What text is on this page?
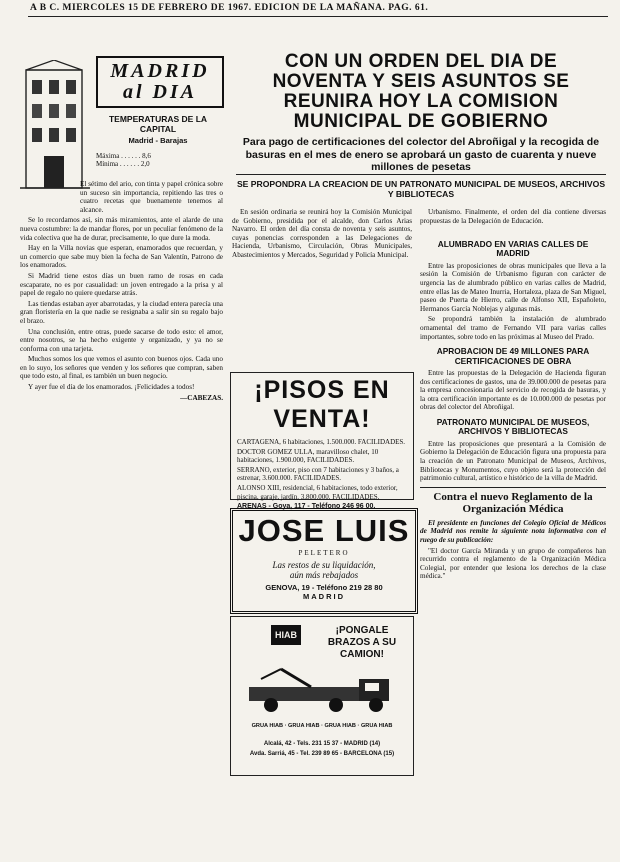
A B C. MIERCOLES 15 DE FEBRERO DE 1967. EDICION DE LA MAÑANA. PAG. 61.
MADRID
al DIA
TEMPERATURAS DE LA CAPITAL
Madrid - Barajas
Máxima . . . . . . 8,6
Mínima . . . . . . 2,0

El sétimo del ario, con tinta y papel crónica sobre un suceso sin importancia, repitiendo las tres o cuatro recetas que buenamente tenemos al alcance.

Se lo recordamos así, sin más miramientos, ante el alarde de una nueva costumbre: la de mandar flores, por un peculiar fenómeno de la vida colectiva que ha de durar, precisamente, lo que dure la moda.

Hay en la Villa novias que esperan, enamorados que recuerdan, y un comercio que sabe muy bien la fecha de San Valentín, Patrono de los enamorados.

Si Madrid tiene estos días un buen ramo de rosas en cada escaparate, no es por casualidad: un joven entregado a la prisa y al papel de regalo no quiere quedarse atrás.

Las tiendas estaban ayer abarrotadas, y la ciudad entera parecía una gran floristería en la que nadie se resignaba a salir sin su regalo bajo el brazo.

Una conclusión, entre otras, puede sacarse de todo esto: el amor, entre nosotros, se ha hecho exigente y organizado, y ya no se conforma con una tarjeta.

Muchos somos los que vemos el asunto con buenos ojos. Cada uno en lo suyo, los señores que venden y los señores que compran, saben que todo esto, al final, es también un buen negocio.

Y ayer fue el día de los enamorados. ¡Felicidades a todos!

—CABEZAS.

CON UN ORDEN DEL DIA DE NOVENTA Y SEIS ASUNTOS SE REUNIRA HOY LA COMISION MUNICIPAL DE GOBIERNO
Para pago de certificaciones del colector del Abroñigal y la recogida de basuras en el mes de enero se aprobará un gasto de cuarenta y nueve millones de pesetas
SE PROPONDRA LA CREACION DE UN PATRONATO MUNICIPAL DE MUSEOS, ARCHIVOS Y BIBLIOTECAS

En sesión ordinaria se reunirá hoy la Comisión Municipal de Gobierno, presidida por el alcalde, don Carlos Arias Navarro. El orden del día consta de noventa y seis asuntos, cuyas ponencias corresponden a las Delegaciones de Hacienda, Urbanismo, Circulación, Obras Municipales, Abastecimientos y Mercados, Seguridad y Policía Municipal.

Urbanismo. Finalmente, el orden del día contiene diversas propuestas de la Delegación de Educación.

¡PISOS EN VENTA!
CARTAGENA, 6 habitaciones, 1.500.000. FACILIDADES.
DOCTOR GOMEZ ULLA, maravilloso chalet, 10 habitaciones, 1.900.000, FACILIDADES.
SERRANO, exterior, piso con 7 habitaciones y 3 baños, a estrenar, 3.600.000. FACILIDADES.
ALONSO XIII, residencial, 6 habitaciones, todo exterior, piscina, garaje, jardín. 3.800.000. FACILIDADES.
ARENAS - Goya, 117 - Teléfono 246 96 00.
JOSE LUIS
PELETERO
Las restos de su liquidación,
aún más rebajados
GENOVA, 19 - Teléfono 219 28 80
MADRID
HIAB	¡PONGALE BRAZOS A SU CAMION!
GRUA HIAB · GRUA HIAB · GRUA HIAB · GRUA HIAB
Alcalá, 42 - Tels. 231 15 37 - MADRID (14)
Avda. Sarriá, 45 - Tel. 239 89 65 - BARCELONA (15)
ALUMBRADO EN VARIAS CALLES DE MADRID

Entre las proposiciones de obras municipales que lleva a la sesión la Comisión de Urbanismo figuran con carácter de urgencia las de alumbrado público en varias calles de Madrid, entre ellas las de Mateo Inurria, Hortaleza, plaza de San Miguel, paseo de Puerta de Hierro, calle de Alfonso XII, Españoleto, Hermanos García Noblejas y algunas más.

Se propondrá también la instalación de alumbrado ornamental del tramo de Fernando VII para varias calles importantes, sobre todo en las próximas al Museo del Prado.

APROBACION DE 49 MILLONES PARA CERTIFICACIONES DE OBRA

Entre las propuestas de la Delegación de Hacienda figuran dos certificaciones de gastos, una de 39.000.000 de pesetas para la empresa concesionaria del servicio de recogida de basuras, y la otra certificación importante es de 10.000.000 de pesetas por obras del colector del Abroñigal.

PATRONATO MUNICIPAL DE MUSEOS, ARCHIVOS Y BIBLIOTECAS

Entre las proposiciones que presentará a la Comisión de Gobierno la Delegación de Educación figura una propuesta para la creación de un Patronato Municipal de Museos, Archivos, Bibliotecas y Monumentos, cuyo objeto será la protección del patrimonio cultural, artístico e histórico de la villa de Madrid.

Contra el nuevo Reglamento de la Organización Médica

El presidente en funciones del Colegio Oficial de Médicos de Madrid nos remite la siguiente nota informativa con el ruego de su publicación:

"El doctor García Miranda y un grupo de compañeros han recurrido contra el reglamento de la Organización Médica Colegial, por entender que lesiona los derechos de la clase médica."
